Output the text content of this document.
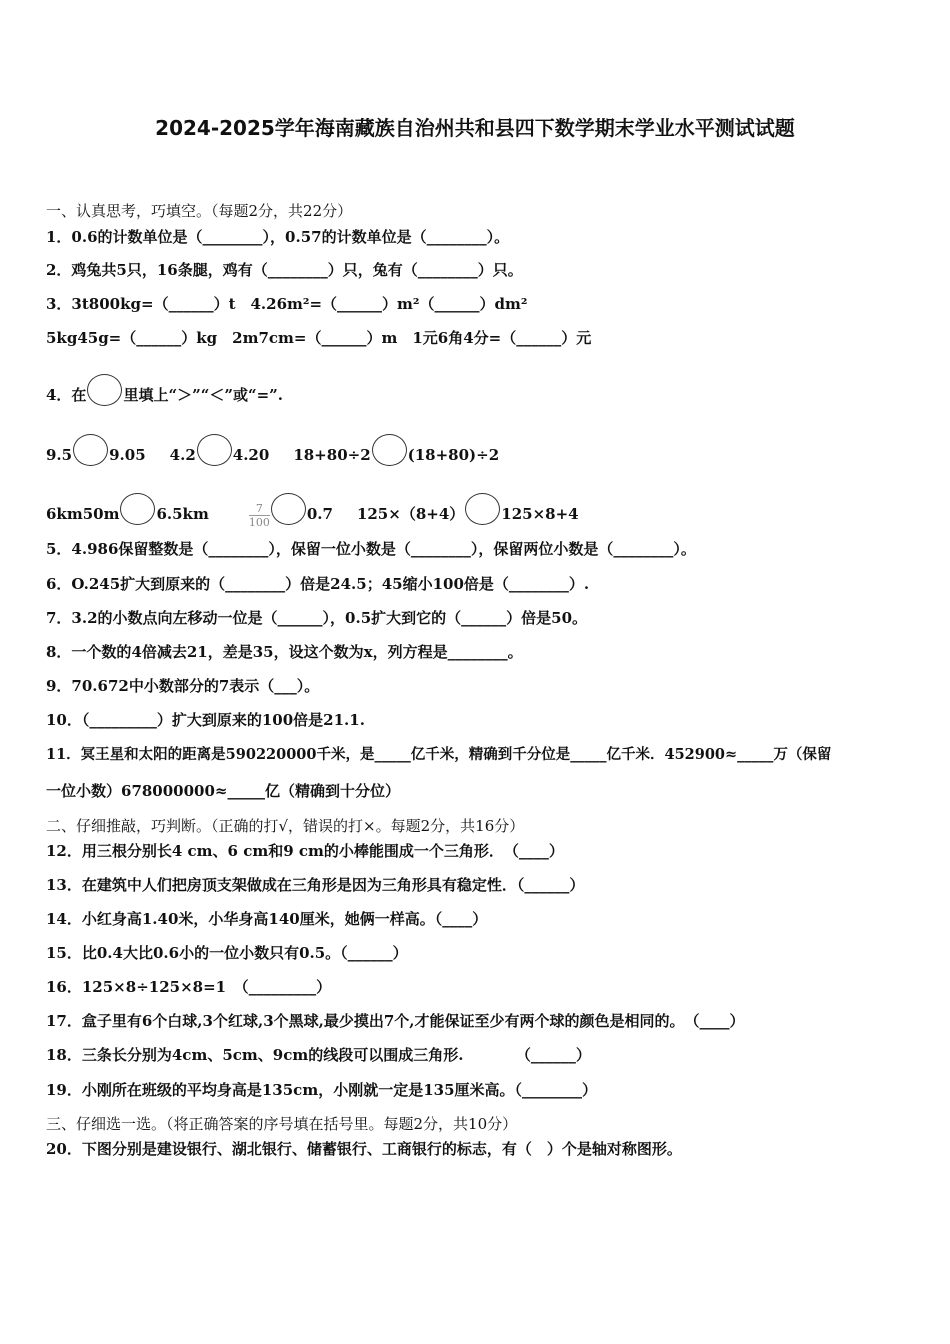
2024-2025学年海南藏族自治州共和县四下数学期末学业水平测试试题
一、认真思考，巧填空。（每题2分，共22分）
1．0.6的计数单位是（________），0.57的计数单位是（________）。
2．鸡兔共5只，16条腿，鸡有（________）只，兔有（________）只。
3．3t800kg=（______）t　4.26m²=（______）m²（______）dm²
5kg45g=（______）kg　2m7cm=（______）m　1元6角4分=（______）元
4．在 里填上“＞”“＜”或“=”.
9.5 9.05 4.2 4.20 18+80÷2 (18+80)÷2
6km50m 6.5km	$\frac{7}{100} 0.7$ 125×（8+4） 125×8+4
5．4.986保留整数是（________），保留一位小数是（________），保留两位小数是（________）。
6．O.245扩大到原来的（________）倍是24.5；45缩小100倍是（________）.
7．3.2的小数点向左移动一位是（______），0.5扩大到它的（______）倍是50。
8．一个数的4倍减去21，差是35，设这个数为x，列方程是________。
9．70.672中小数部分的7表示（___）。
10．（_________）扩大到原来的100倍是21.1.
11．冥王星和太阳的距离是590220000千米，是_____亿千米，精确到千分位是_____亿千米．452900≈_____万（保留
一位小数）678000000≈_____亿（精确到十分位）
二、仔细推敲，巧判断。（正确的打√，错误的打×。每题2分，共16分）
12．用三根分别长4 cm、6 cm和9 cm的小棒能围成一个三角形．　（____）
13．在建筑中人们把房顶支架做成在三角形是因为三角形具有稳定性．（______）
14．小红身高1.40米，小华身高140厘米，她俩一样高。（____）
15．比0.4大比0.6小的一位小数只有0.5。（______）
16．125×8÷125×8=1　（_________）
17．盒子里有6个白球,3个红球,3个黑球,最少摸出7个,才能保证至少有两个球的颜色是相同的。　（____）
18．三条长分别为4cm、5cm、9cm的线段可以围成三角形.　　　　（______）
19．小刚所在班级的平均身高是135cm，小刚就一定是135厘米高。（________）
三、仔细选一选。（将正确答案的序号填在括号里。每题2分，共10分）
20．下图分别是建设银行、湖北银行、储蓄银行、工商银行的标志，有（　）个是轴对称图形。
